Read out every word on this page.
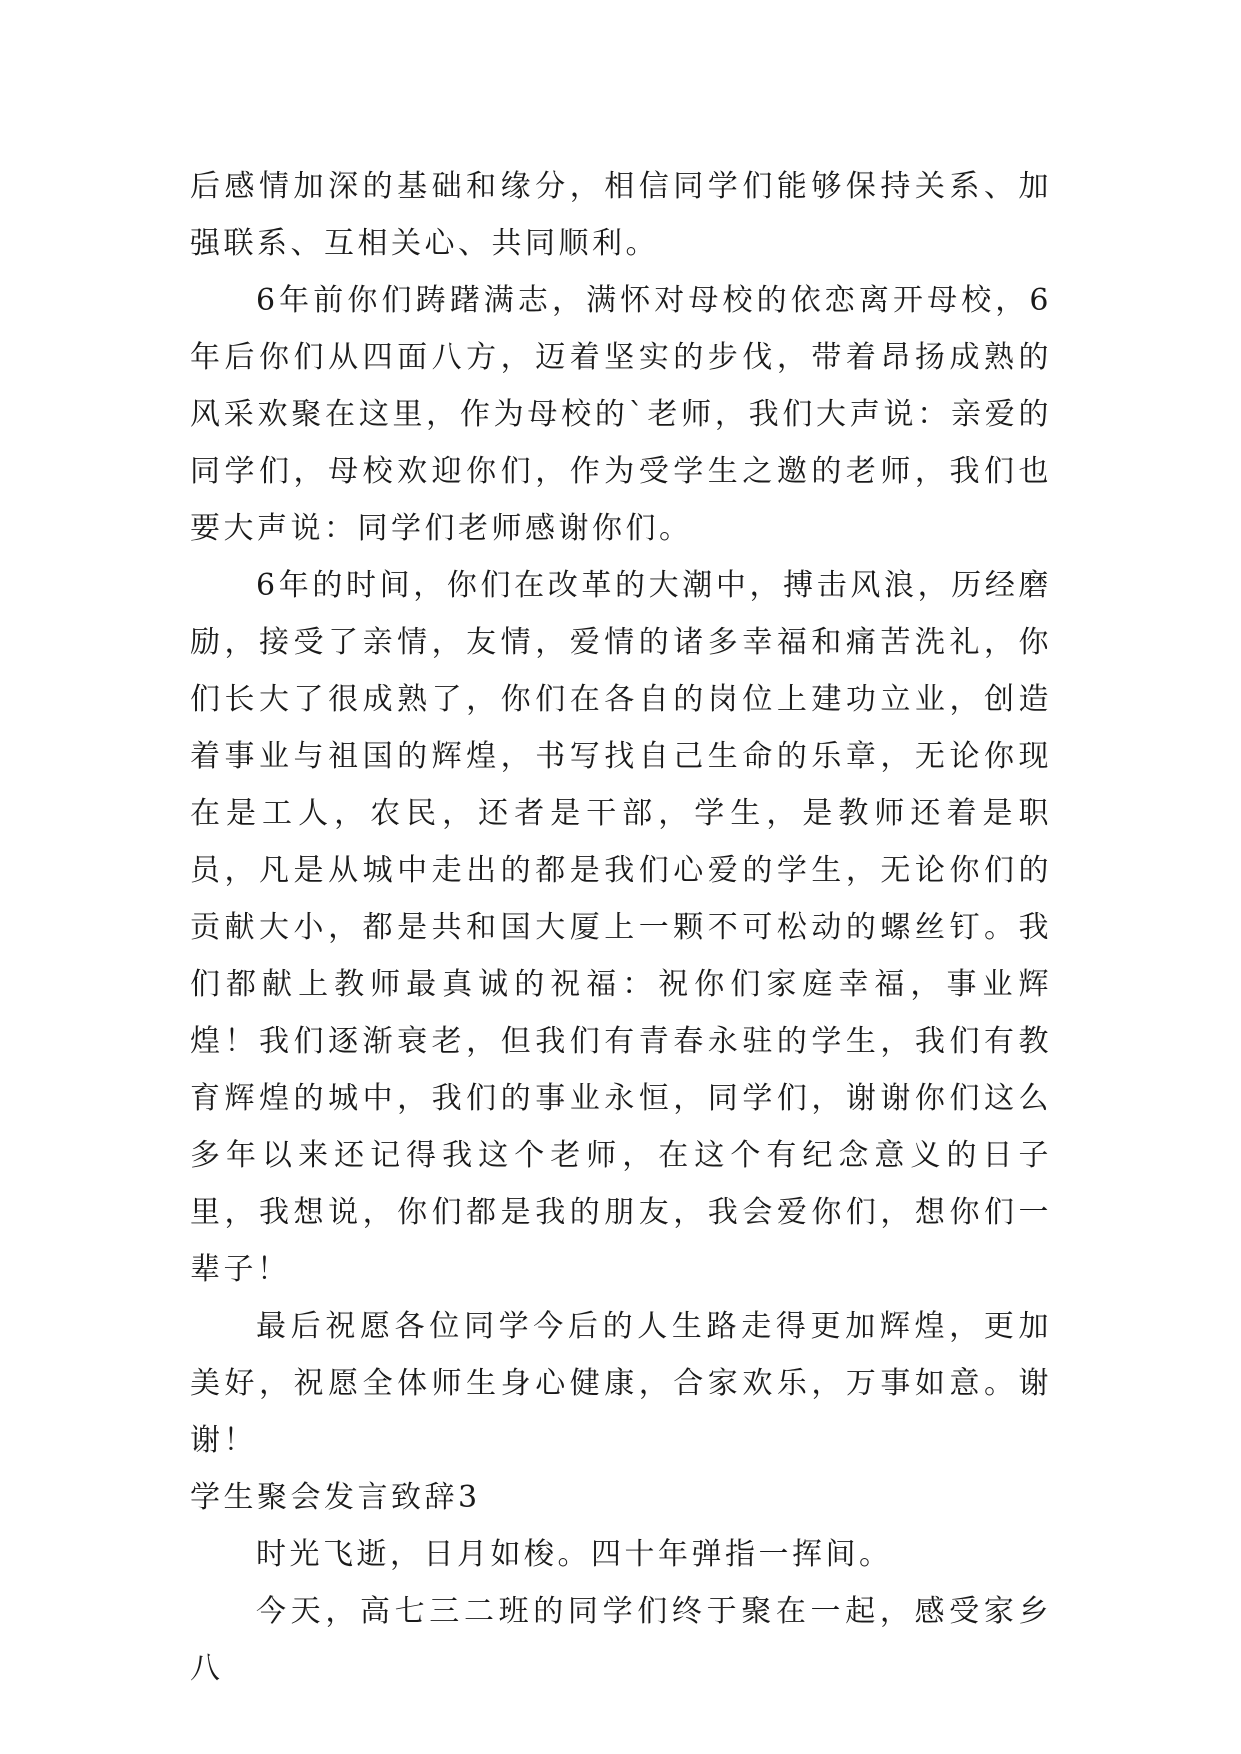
后感情加深的基础和缘分，相信同学们能够保持关系、加强联系、互相关心、共同顺利。

6年前你们踌躇满志，满怀对母校的依恋离开母校，6年后你们从四面八方，迈着坚实的步伐，带着昂扬成熟的风采欢聚在这里，作为母校的`老师，我们大声说：亲爱的同学们，母校欢迎你们，作为受学生之邀的老师，我们也要大声说：同学们老师感谢你们。

6年的时间，你们在改革的大潮中，搏击风浪，历经磨励，接受了亲情，友情，爱情的诸多幸福和痛苦洗礼，你们长大了很成熟了，你们在各自的岗位上建功立业，创造着事业与祖国的辉煌，书写找自己生命的乐章，无论你现在是工人，农民，还者是干部，学生，是教师还着是职员，凡是从城中走出的都是我们心爱的学生，无论你们的贡献大小，都是共和国大厦上一颗不可松动的螺丝钉。我们都献上教师最真诚的祝福：祝你们家庭幸福，事业辉煌！我们逐渐衰老，但我们有青春永驻的学生，我们有教育辉煌的城中，我们的事业永恒，同学们，谢谢你们这么多年以来还记得我这个老师，在这个有纪念意义的日子里，我想说，你们都是我的朋友，我会爱你们，想你们一辈子！

最后祝愿各位同学今后的人生路走得更加辉煌，更加美好，祝愿全体师生身心健康，合家欢乐，万事如意。谢谢！

学生聚会发言致辞3

时光飞逝，日月如梭。四十年弹指一挥间。

今天，高七三二班的同学们终于聚在一起，感受家乡八
